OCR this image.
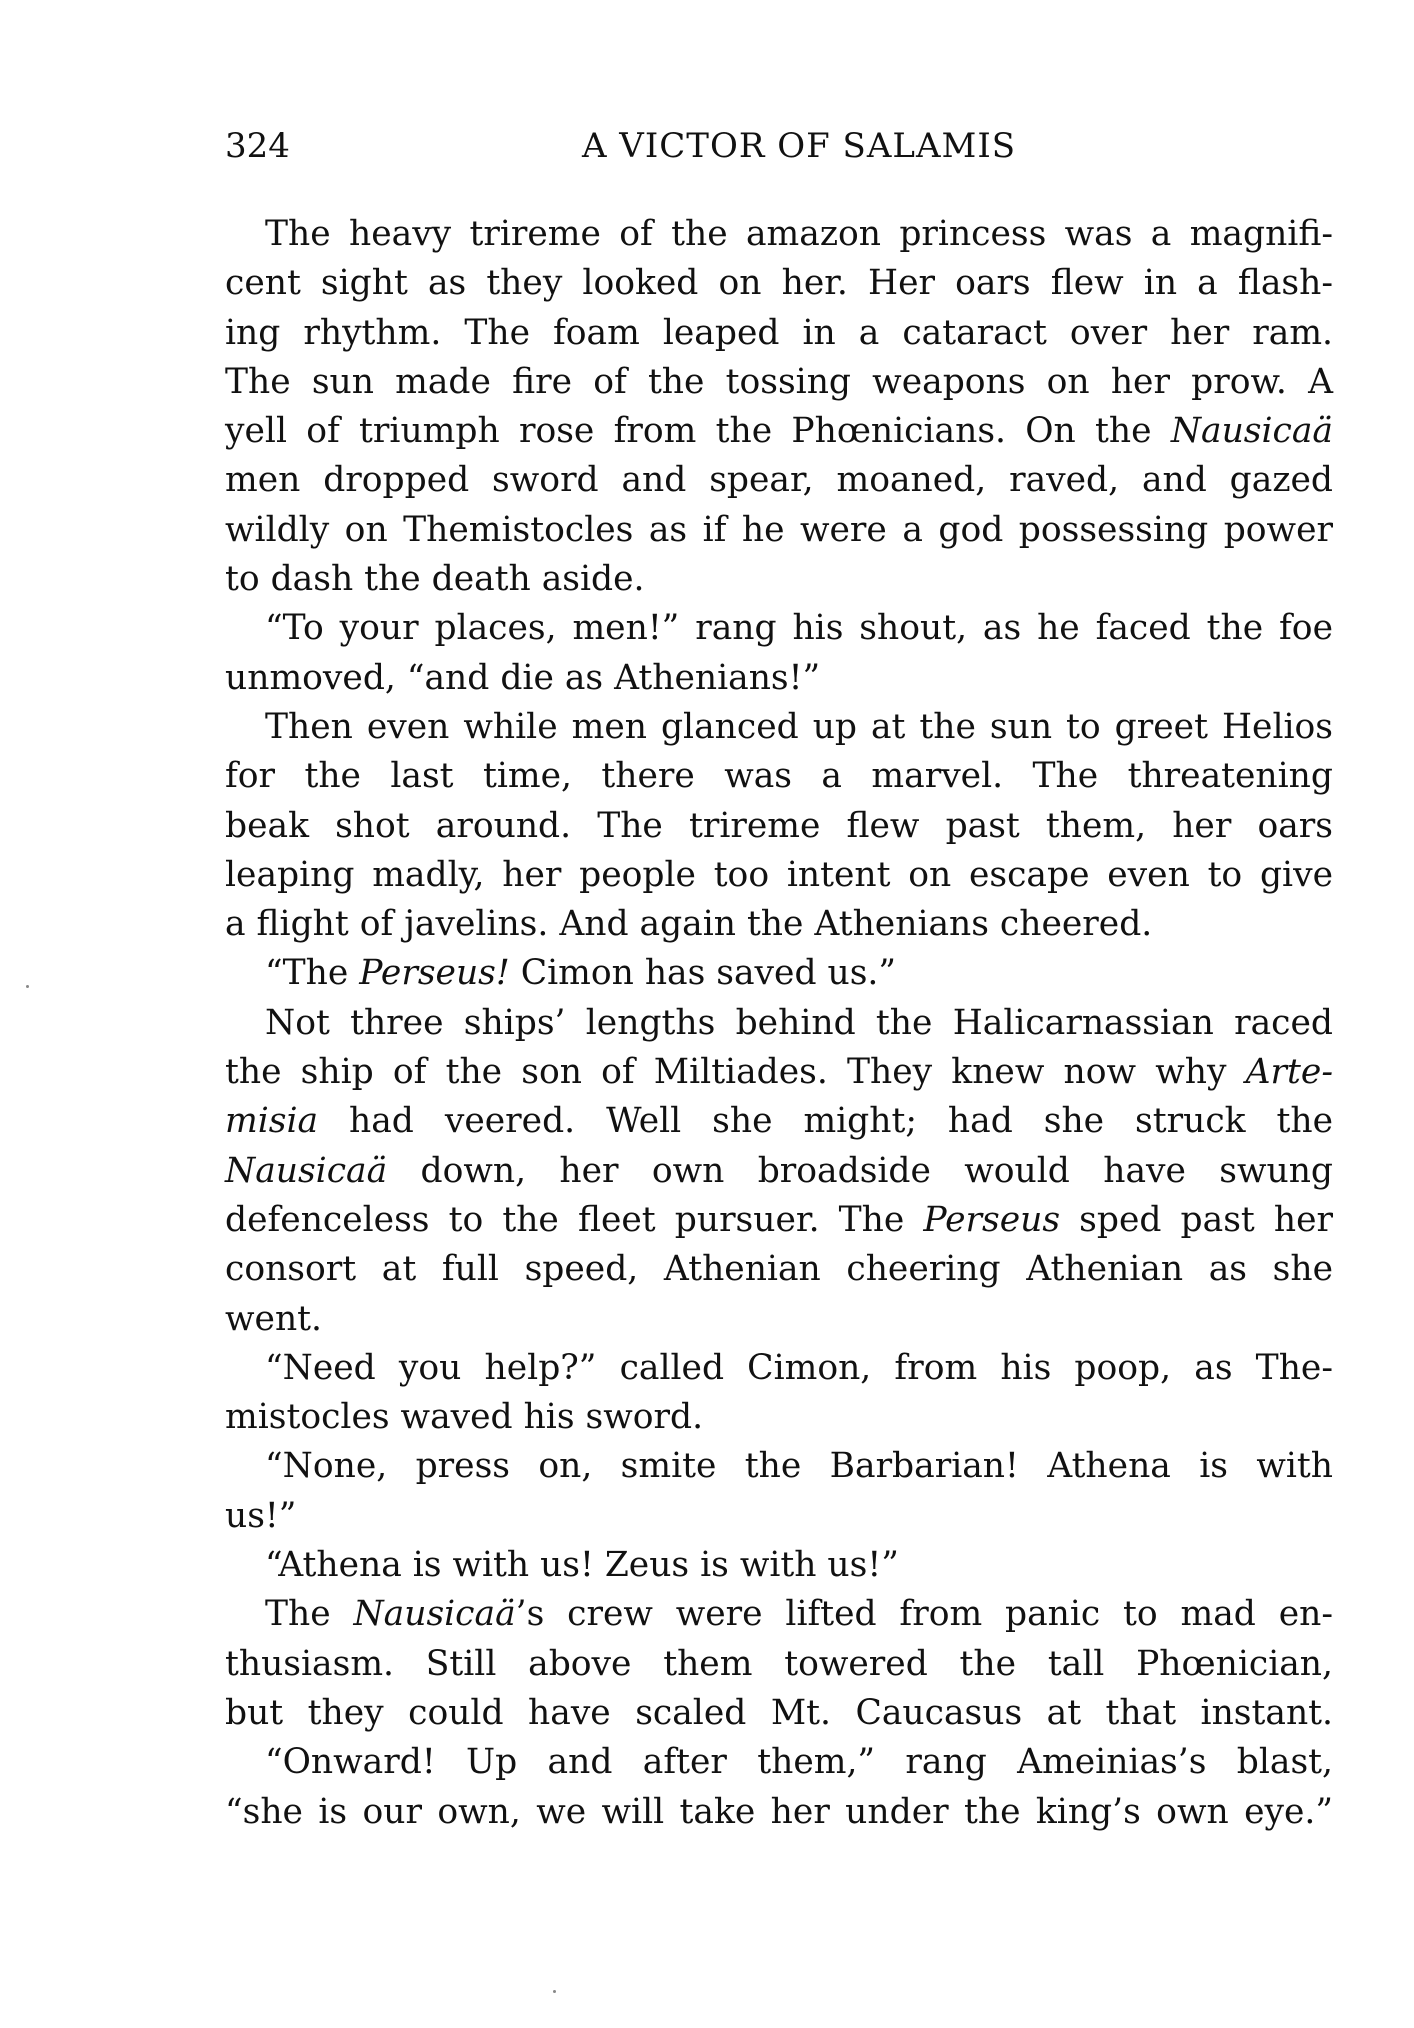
324	A VICTOR OF SALAMIS
The heavy trireme of the amazon princess was a magnifi-
cent sight as they looked on her. Her oars flew in a flash-
ing rhythm. The foam leaped in a cataract over her ram.
The sun made fire of the tossing weapons on her prow. A
yell of triumph rose from the Phœnicians. On the Nausicaä
men dropped sword and spear, moaned, raved, and gazed
wildly on Themistocles as if he were a god possessing power
to dash the death aside.
“To your places, men!” rang his shout, as he faced the foe
unmoved, “and die as Athenians!”
Then even while men glanced up at the sun to greet Helios
for the last time, there was a marvel. The threatening
beak shot around. The trireme flew past them, her oars
leaping madly, her people too intent on escape even to give
a flight of javelins. And again the Athenians cheered.
“The Perseus! Cimon has saved us.”
Not three ships’ lengths behind the Halicarnassian raced
the ship of the son of Miltiades. They knew now why Arte-
misia had veered. Well she might; had she struck the
Nausicaä down, her own broadside would have swung
defenceless to the fleet pursuer. The Perseus sped past her
consort at full speed, Athenian cheering Athenian as she
went.
“Need you help?” called Cimon, from his poop, as The-
mistocles waved his sword.
“None, press on, smite the Barbarian! Athena is with
us!”
“Athena is with us! Zeus is with us!”
The Nausicaä’s crew were lifted from panic to mad en-
thusiasm. Still above them towered the tall Phœnician,
but they could have scaled Mt. Caucasus at that instant.
“Onward! Up and after them,” rang Ameinias’s blast,
“she is our own, we will take her under the king’s own eye.”
